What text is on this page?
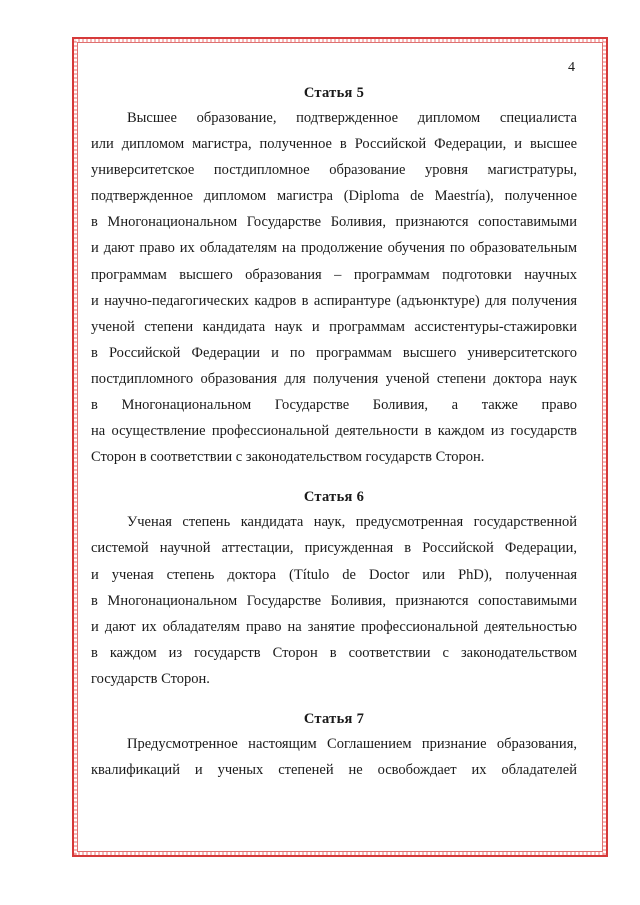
4
Статья 5
Высшее образование, подтвержденное дипломом специалиста
или дипломом магистра, полученное в Российской Федерации, и высшее
университетское постдипломное образование уровня магистратуры,
подтвержденное дипломом магистра (Diploma de Maestría), полученное
в Многонациональном Государстве Боливия, признаются сопоставимыми
и дают право их обладателям на продолжение обучения по образовательным
программам высшего образования – программам подготовки научных
и научно-педагогических кадров в аспирантуре (адъюнктуре) для получения
ученой степени кандидата наук и программам ассистентуры-стажировки
в Российской Федерации и по программам высшего университетского
постдипломного образования для получения ученой степени доктора наук
в Многонациональном Государстве Боливия, а также право
на осуществление профессиональной деятельности в каждом из государств
Сторон в соответствии с законодательством государств Сторон.
Статья 6
Ученая степень кандидата наук, предусмотренная государственной
системой научной аттестации, присужденная в Российской Федерации,
и ученая степень доктора (Título de Doctor или PhD), полученная
в Многонациональном Государстве Боливия, признаются сопоставимыми
и дают их обладателям право на занятие профессиональной деятельностью
в каждом из государств Сторон в соответствии с законодательством
государств Сторон.
Статья 7
Предусмотренное настоящим Соглашением признание образования,
квалификаций и ученых степеней не освобождает их обладателей
